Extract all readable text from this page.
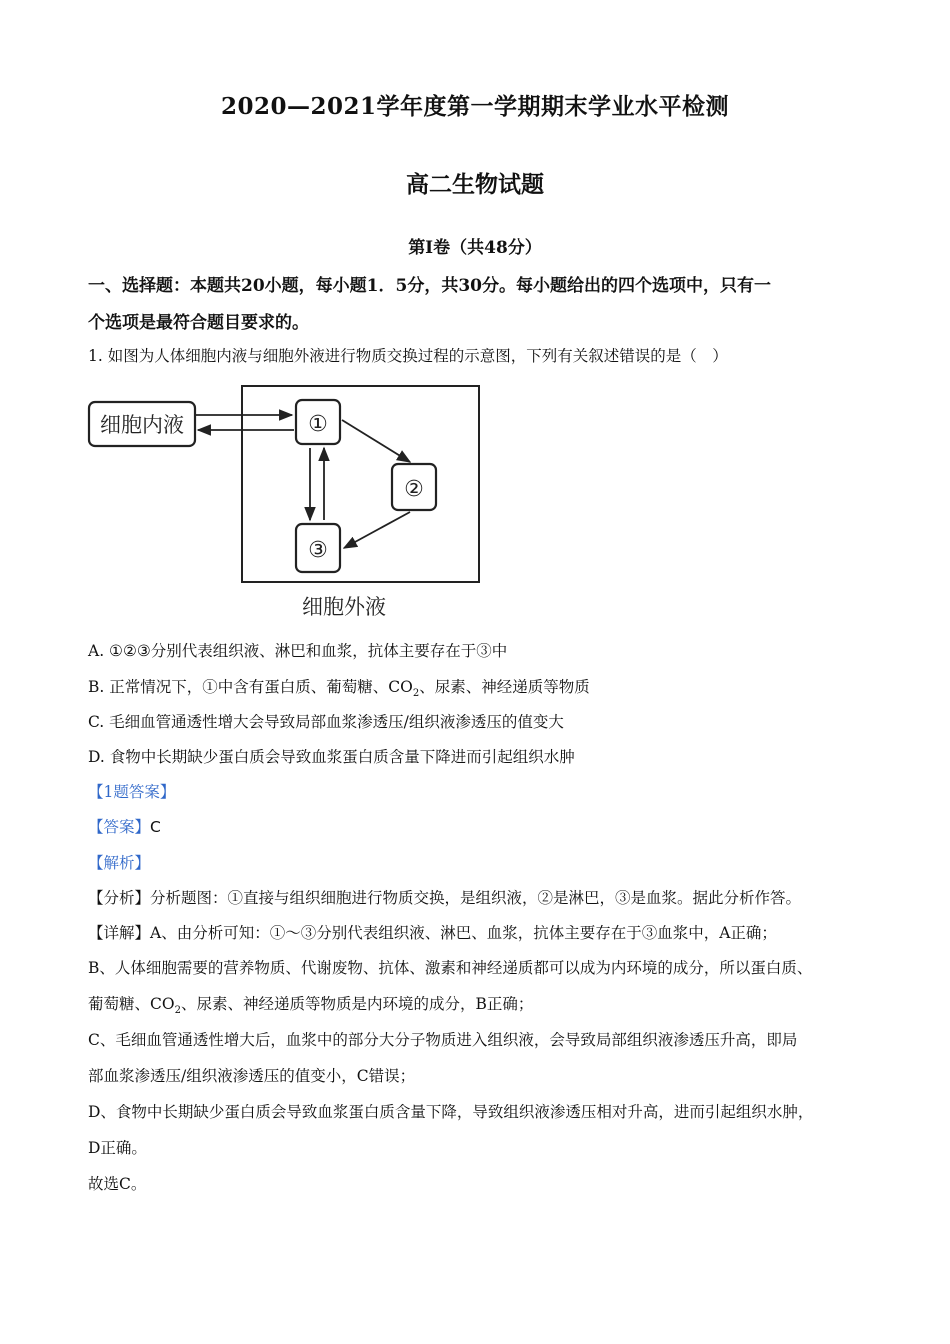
2020—2021学年度第一学期期末学业水平检测
高二生物试题
第Ⅰ卷（共48分）
一、选择题：本题共20小题，每小题1．5分，共30分。每小题给出的四个选项中，只有一
个选项是最符合题目要求的。
1. 如图为人体细胞内液与细胞外液进行物质交换过程的示意图，下列有关叙述错误的是（　）
细胞内液	①
②
③
细胞外液
A. ①②③分别代表组织液、淋巴和血浆，抗体主要存在于③中
B. 正常情况下，①中含有蛋白质、葡萄糖、$CO_2$、尿素、神经递质等物质
C. 毛细血管通透性增大会导致局部血浆渗透压/组织液渗透压的值变大
D. 食物中长期缺少蛋白质会导致血浆蛋白质含量下降进而引起组织水肿
【1题答案】
【答案】C
【解析】
【分析】分析题图：①直接与组织细胞进行物质交换，是组织液，②是淋巴，③是血浆。据此分析作答。
【详解】A、由分析可知：①～③分别代表组织液、淋巴、血浆，抗体主要存在于③血浆中，A正确；
B、人体细胞需要的营养物质、代谢废物、抗体、激素和神经递质都可以成为内环境的成分，所以蛋白质、
葡萄糖、$CO_2$、尿素、神经递质等物质是内环境的成分，B正确；
C、毛细血管通透性增大后，血浆中的部分大分子物质进入组织液，会导致局部组织液渗透压升高，即局
部血浆渗透压/组织液渗透压的值变小，C错误；
D、食物中长期缺少蛋白质会导致血浆蛋白质含量下降，导致组织液渗透压相对升高，进而引起组织水肿，
D正确。
故选C。
